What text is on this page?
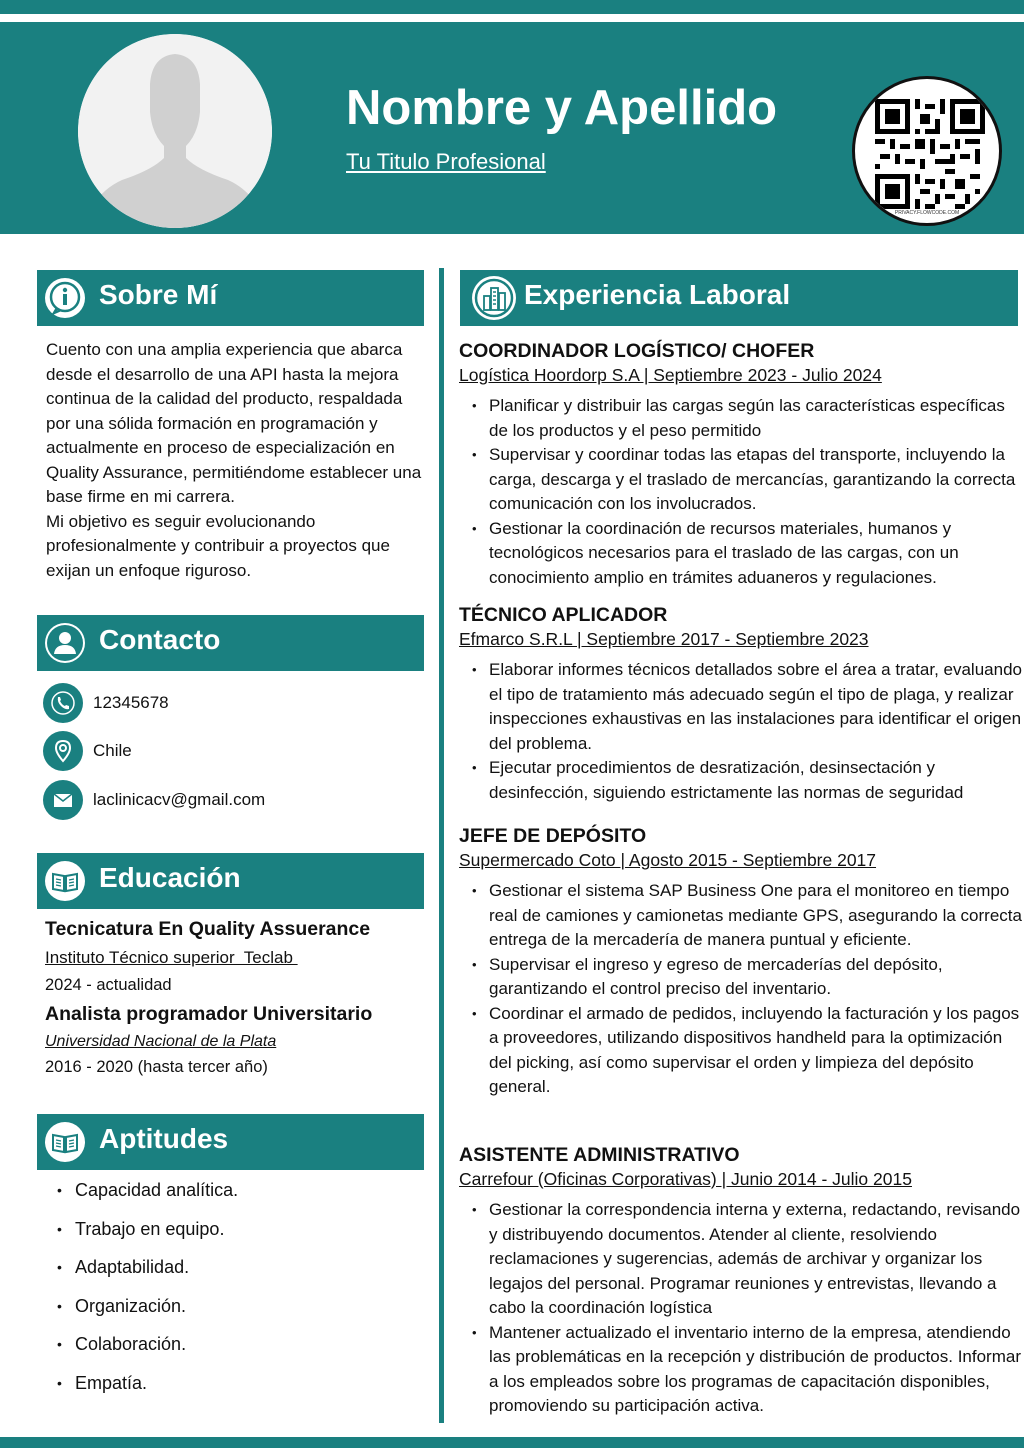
Nombre y Apellido
Tu Titulo Profesional
PRIVACY.FLOWCODE.COM
Sobre Mí
Cuento con una amplia experiencia que abarca desde el desarrollo de una API hasta la mejora continua de la calidad del producto, respaldada por una sólida formación en programación y actualmente en proceso de especialización en Quality Assurance, permitiéndome establecer una base firme en mi carrera.
Mi objetivo es seguir evolucionando profesionalmente y contribuir a proyectos que exijan un enfoque riguroso.
Contacto
12345678
Chile
laclinicacv@gmail.com
Educación
Tecnicatura En Quality Assuerance
Instituto Técnico superior  Teclab
2024 - actualidad
Analista programador Universitario
Universidad Nacional de la Plata
2016 - 2020 (hasta tercer año)
Aptitudes
• Capacidad analítica.
• Trabajo en equipo.
• Adaptabilidad.
• Organización.
• Colaboración.
• Empatía.
Experiencia Laboral
COORDINADOR LOGÍSTICO/ CHOFER
Logística Hoordorp S.A | Septiembre 2023 - Julio 2024
• Planificar y distribuir las cargas según las características específicas de los productos y el peso permitido
• Supervisar y coordinar todas las etapas del transporte, incluyendo la carga, descarga y el traslado de mercancías, garantizando la correcta comunicación con los involucrados.
• Gestionar la coordinación de recursos materiales, humanos y tecnológicos necesarios para el traslado de las cargas, con un conocimiento amplio en trámites aduaneros y regulaciones.
TÉCNICO APLICADOR
Efmarco S.R.L | Septiembre 2017 - Septiembre 2023
• Elaborar informes técnicos detallados sobre el área a tratar, evaluando el tipo de tratamiento más adecuado según el tipo de plaga, y realizar inspecciones exhaustivas en las instalaciones para identificar el origen del problema.
• Ejecutar procedimientos de desratización, desinsectación y desinfección, siguiendo estrictamente las normas de seguridad
JEFE DE DEPÓSITO
Supermercado Coto | Agosto 2015 - Septiembre 2017
• Gestionar el sistema SAP Business One para el monitoreo en tiempo real de camiones y camionetas mediante GPS, asegurando la correcta entrega de la mercadería de manera puntual y eficiente.
• Supervisar el ingreso y egreso de mercaderías del depósito, garantizando el control preciso del inventario.
• Coordinar el armado de pedidos, incluyendo la facturación y los pagos a proveedores, utilizando dispositivos handheld para la optimización del picking, así como supervisar el orden y limpieza del depósito general.
ASISTENTE ADMINISTRATIVO
Carrefour (Oficinas Corporativas) | Junio 2014 - Julio 2015
• Gestionar la correspondencia interna y externa, redactando, revisando y distribuyendo documentos. Atender al cliente, resolviendo reclamaciones y sugerencias, además de archivar y organizar los legajos del personal. Programar reuniones y entrevistas, llevando a cabo la coordinación logística
• Mantener actualizado el inventario interno de la empresa, atendiendo las problemáticas en la recepción y distribución de productos. Informar a los empleados sobre los programas de capacitación disponibles, promoviendo su participación activa.
